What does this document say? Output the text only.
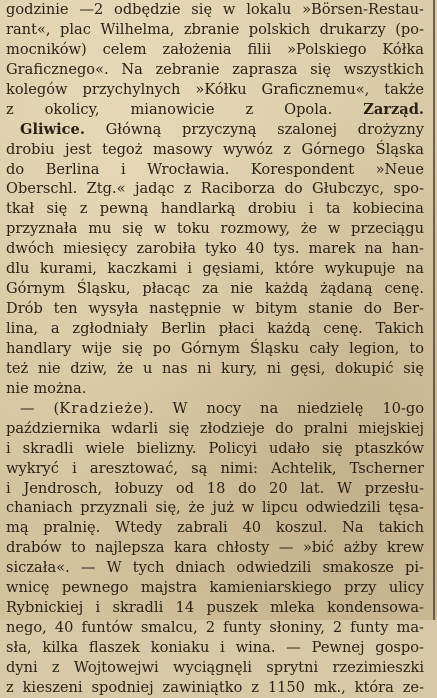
godzinie —2 odbędzie się w lokalu »Börsen-Restau-
rant«, plac Wilhelma, zbranie polskich drukarzy (po-
mocników) celem założenia filii »Polskiego Kółka
Graficznego«. Na zebranie zaprasza się wszystkich
kolegów przychylnych »Kółku Graficznemu«, także
z okolicy, mianowicie z Opola. Zarząd.
Gliwice. Główną przyczyną szalonej drożyzny
drobiu jest tegoż masowy wywóz z Górnego Śląska
do Berlina i Wrocławia. Korespondent »Neue
Oberschl. Ztg.« jadąc z Raciborza do Głubczyc, spo-
tkał się z pewną handlarką drobiu i ta kobiecina
przyznała mu się w toku rozmowy, że w przeciągu
dwóch miesięcy zarobiła tyko 40 tys. marek na han-
dlu kurami, kaczkami i gęsiami, które wykupuje na
Górnym Śląsku, płacąc za nie każdą żądaną cenę.
Drób ten wysyła następnie w bitym stanie do Ber-
lina, a zgłodniały Berlin płaci każdą cenę. Takich
handlary wije się po Górnym Śląsku cały legion, to
też nie dziw, że u nas ni kury, ni gęsi, dokupić się
nie można.
— (Kradzieże). W nocy na niedzielę 10-go
października wdarli się złodzieje do pralni miejskiej
i skradli wiele bielizny. Policyi udało się ptaszków
wykryć i aresztować, są nimi: Achtelik, Tscherner
i Jendrosch, łobuzy od 18 do 20 lat. W przesłu-
chaniach przyznali się, że już w lipcu odwiedzili tęsa-
mą pralnię. Wtedy zabrali 40 koszul. Na takich
drabów to najlepsza kara chłosty — »bić ażby krew
siczała«. — W tych dniach odwiedzili smakosze pi-
wnicę pewnego majstra kamieniarskiego przy ulicy
Rybnickiej i skradli 14 puszek mleka kondensowa-
nego, 40 funtów smalcu, 2 funty słoniny, 2 funty ma-
sła, kilka flaszek koniaku i wina. — Pewnej gospo-
dyni z Wojtowejwi wyciągnęli sprytni rzezimieszki
z kieszeni spodniej zawiniątko z 1150 mk., która ze-
